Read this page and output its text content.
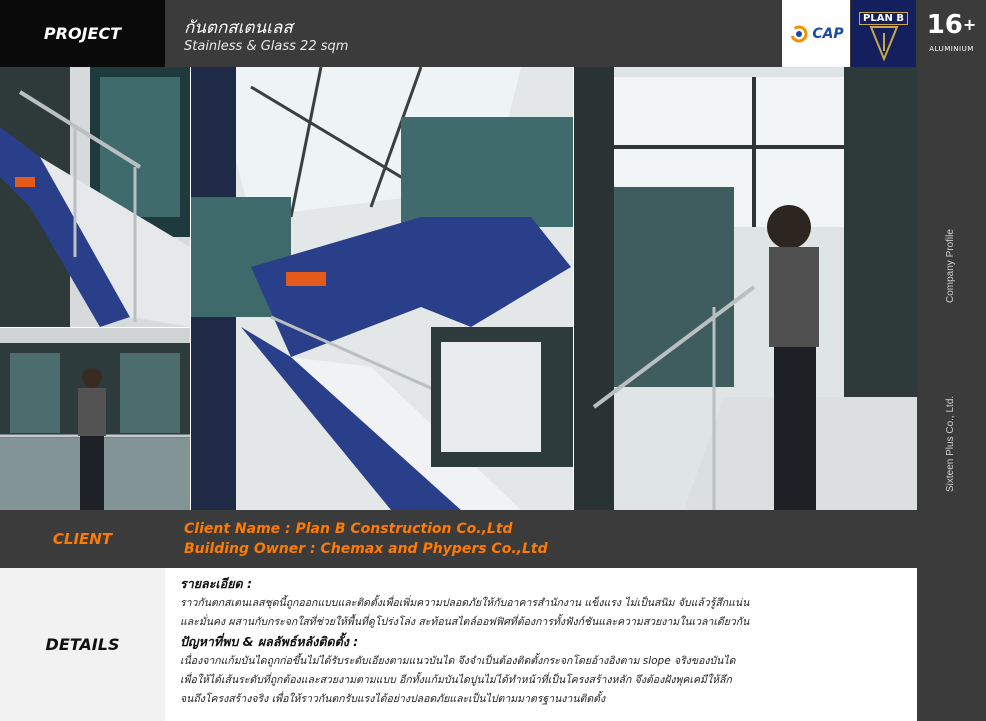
PROJECT	กันตกสเตนเลส
Stainless & Glass 22 sqm
CAP
PLAN B 16+
ALUMINIUM
Company Profile
Sixteen Plus Co., Ltd.
CLIENT
Client Name : Plan B Construction Co.,Ltd
Building Owner : Chemax and Phypers Co.,Ltd
DETAILS
รายละเอียด :
ราวกันตกสเตนเลสชุดนี้ถูกออกแบบและติดตั้งเพื่อเพิ่มความปลอดภัยให้กับอาคารสำนักงาน แข็งแรง ไม่เป็นสนิม จับแล้วรู้สึกแน่น
และมั่นคง ผสานกับกระจกใสที่ช่วยให้พื้นที่ดูโปร่งโล่ง สะท้อนสไตล์ออฟฟิศที่ต้องการทั้งฟังก์ชันและความสวยงามในเวลาเดียวกัน
ปัญหาที่พบ & ผลลัพธ์หลังติดตั้ง :
เนื่องจากแก้มบันไดถูกก่อขึ้นไม่ได้รับระดับเอียงตามแนวบันได จึงจำเป็นต้องติดตั้งกระจกโดยอ้างอิงตาม slope จริงของบันได
เพื่อให้ได้เส้นระดับที่ถูกต้องและสวยงามตามแบบ อีกทั้งแก้มบันไดปูนไม่ได้ทำหน้าที่เป็นโครงสร้างหลัก จึงต้องฝังพุคเคมีให้ลึก
จนถึงโครงสร้างจริง เพื่อให้ราวกันตกรับแรงได้อย่างปลอดภัยและเป็นไปตามมาตรฐานงานติดตั้ง
